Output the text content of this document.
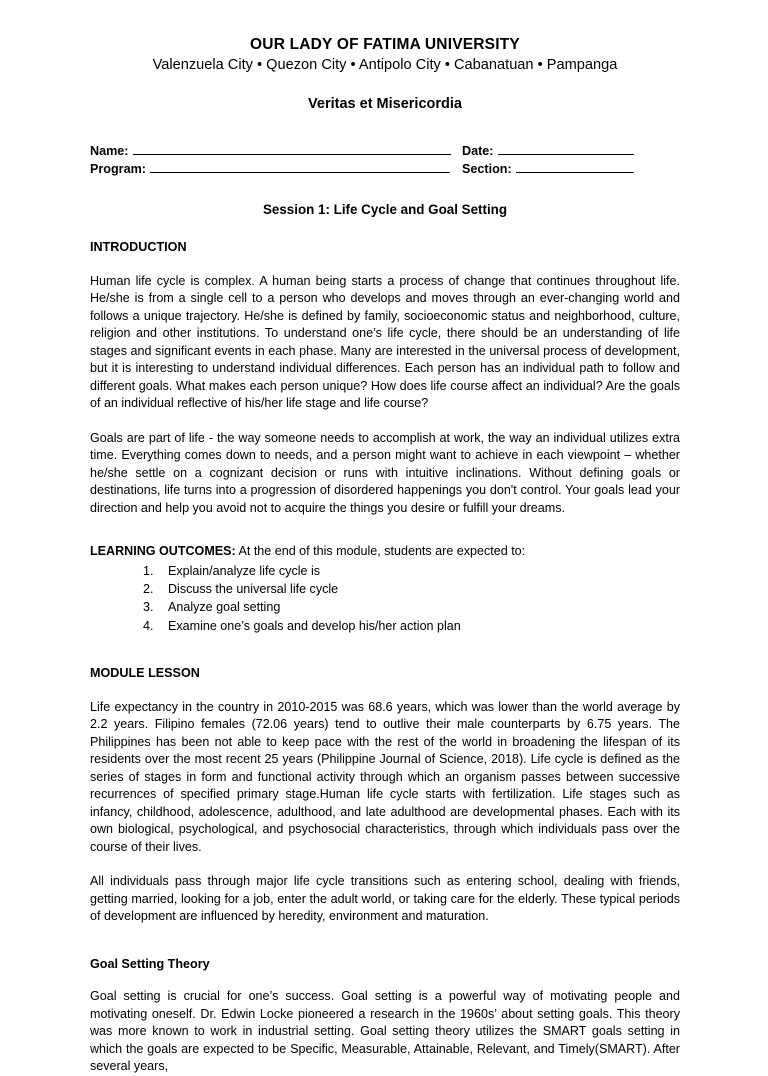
OUR LADY OF FATIMA UNIVERSITY
Valenzuela City • Quezon City • Antipolo City • Cabanatuan • Pampanga
Veritas et Misericordia
Name:	Date:
Program:	Section:
Session 1: Life Cycle and Goal Setting
INTRODUCTION

Human life cycle is complex. A human being starts a process of change that continues throughout life. He/she is from a single cell to a person who develops and moves through an ever-changing world and follows a unique trajectory. He/she is defined by family, socioeconomic status and neighborhood, culture, religion and other institutions. To understand one’s life cycle, there should be an understanding of life stages and significant events in each phase. Many are interested in the universal process of development, but it is interesting to understand individual differences. Each person has an individual path to follow and different goals. What makes each person unique? How does life course affect an individual? Are the goals of an individual reflective of his/her life stage and life course?

Goals are part of life - the way someone needs to accomplish at work, the way an individual utilizes extra time. Everything comes down to needs, and a person might want to achieve in each viewpoint – whether he/she settle on a cognizant decision or runs with intuitive inclinations. Without defining goals or destinations, life turns into a progression of disordered happenings you don't control. Your goals lead your direction and help you avoid not to acquire the things you desire or fulfill your dreams.

LEARNING OUTCOMES: At the end of this module, students are expected to:
1. Explain/analyze life cycle is
2. Discuss the universal life cycle
3. Analyze goal setting
4. Examine one’s goals and develop his/her action plan
MODULE LESSON

Life expectancy in the country in 2010-2015 was 68.6 years, which was lower than the world average by 2.2 years. Filipino females (72.06 years) tend to outlive their male counterparts by 6.75 years. The Philippines has been not able to keep pace with the rest of the world in broadening the lifespan of its residents over the most recent 25 years (Philippine Journal of Science, 2018). Life cycle is defined as the series of stages in form and functional activity through which an organism passes between successive recurrences of specified primary stage.Human life cycle starts with fertilization. Life stages such as infancy, childhood, adolescence, adulthood, and late adulthood are developmental phases. Each with its own biological, psychological, and psychosocial characteristics, through which individuals pass over the course of their lives.

All individuals pass through major life cycle transitions such as entering school, dealing with friends, getting married, looking for a job, enter the adult world, or taking care for the elderly. These typical periods of development are influenced by heredity, environment and maturation.

Goal Setting Theory

Goal setting is crucial for one’s success. Goal setting is a powerful way of motivating people and motivating oneself. Dr. Edwin Locke pioneered a research in the 1960s’ about setting goals. This theory was more known to work in industrial setting. Goal setting theory utilizes the SMART goals setting in which the goals are expected to be Specific, Measurable, Attainable, Relevant, and Timely(SMART). After several years,
